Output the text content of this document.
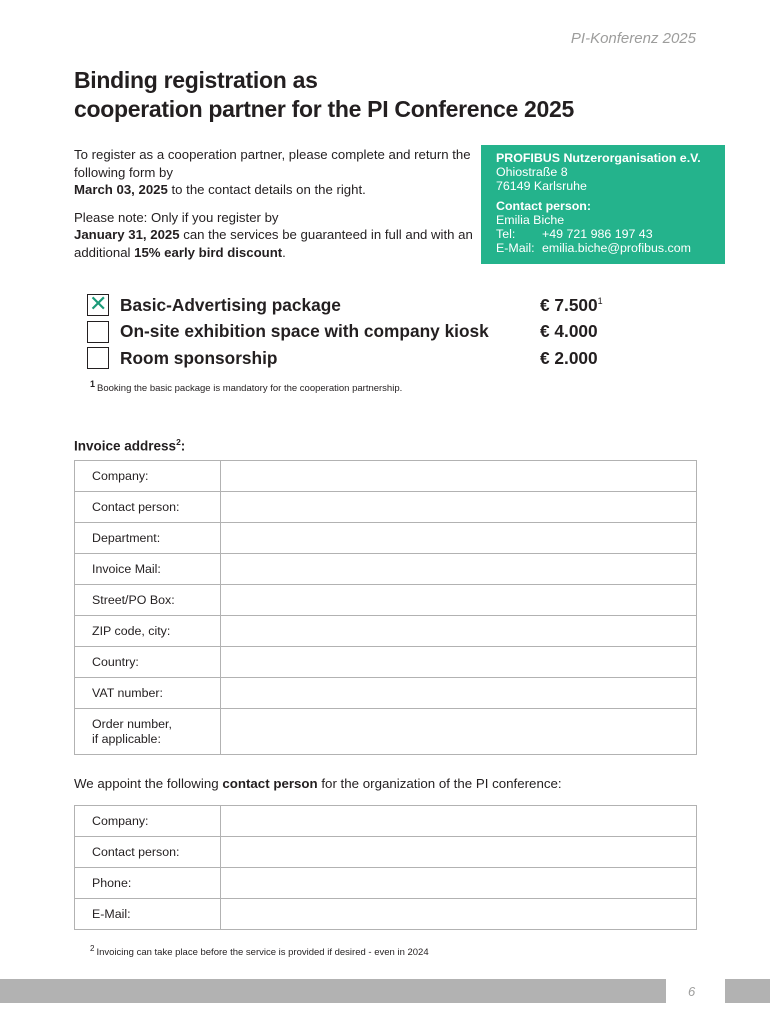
PI-Konferenz 2025
Binding registration as
cooperation partner for the PI Conference 2025

To register as a cooperation partner, please complete and return the following form by
March 03, 2025 to the contact details on the right.

Please note: Only if you register by
January 31, 2025 can the services be guaranteed in full and with an additional 15% early bird discount.

PROFIBUS Nutzerorganisation e.V.
Ohiostraße 8
76149 Karlsruhe
Contact person:
Emilia Biche
Tel:	+49 721 986 197 43
E-Mail: emilia.biche@profibus.com
✕
Basic-Advertising package	€ 7.500$^1$
On-site exhibition space with company kiosk	€ 4.000
Room sponsorship	€ 2.000
$^1$ Booking the basic package is mandatory for the cooperation partnership.
Invoice address$^2$:
Company:	
Contact person:	
Department:	
Invoice Mail:	
Street/PO Box:	
ZIP code, city:	
Country:	
VAT number:	
Order number,
if applicable:	
We appoint the following contact person for the organization of the PI conference:
Company:	
Contact person:	
Phone:	
E-Mail:	
$^2$ Invoicing can take place before the service is provided if desired - even in 2024
6
